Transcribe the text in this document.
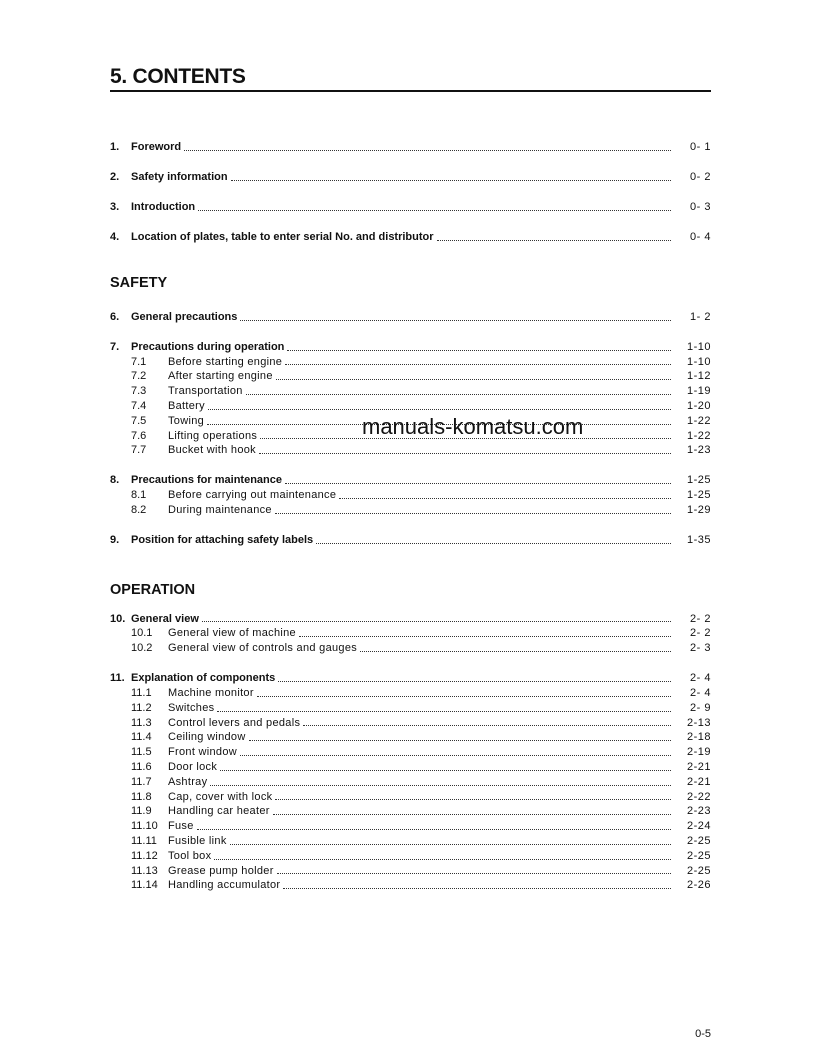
5. CONTENTS
1.	Foreword	0- 1
2.	Safety information	0- 2
3.	Introduction	0- 3
4.	Location of plates, table to enter serial No. and distributor	0- 4
SAFETY
6.	General precautions	1- 2
7.	Precautions during operation	1-10
7.1	Before starting engine	1-10
7.2	After starting engine	1-12
7.3	Transportation	1-19
7.4	Battery	1-20
7.5	Towing	1-22
7.6	Lifting operations	1-22
7.7	Bucket with hook	1-23
8.	Precautions for maintenance	1-25
8.1	Before carrying out maintenance	1-25
8.2	During maintenance	1-29
9.	Position for attaching safety labels	1-35
OPERATION
10. General view	2- 2
10.1	General view of machine	2- 2
10.2	General view of controls and gauges	2- 3
11. Explanation of components	2- 4
11.1	Machine monitor	2- 4
11.2	Switches	2- 9
11.3	Control levers and pedals	2-13
11.4	Ceiling window	2-18
11.5	Front window	2-19
11.6	Door lock	2-21
11.7	Ashtray	2-21
11.8	Cap, cover with lock	2-22
11.9	Handling car heater	2-23
11.10 Fuse	2-24
11.11	Fusible link	2-25
11.12 Tool box	2-25
11.13 Grease pump holder	2-25
11.14 Handling accumulator	2-26
manuals-komatsu.com
0-5
